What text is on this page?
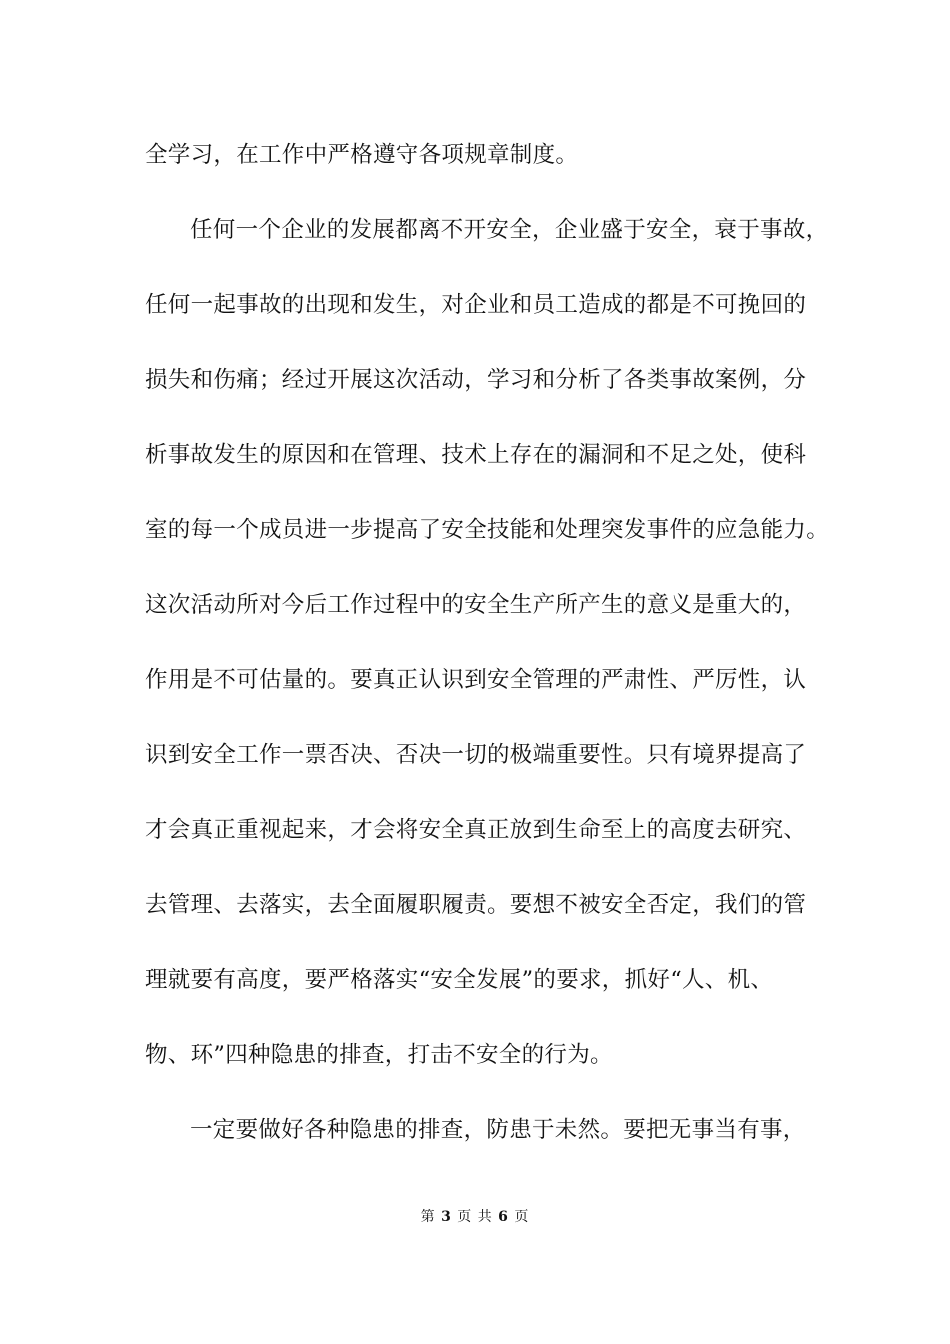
全学习，在工作中严格遵守各项规章制度。
任何一个企业的发展都离不开安全，企业盛于安全，衰于事故，
任何一起事故的出现和发生，对企业和员工造成的都是不可挽回的
损失和伤痛；经过开展这次活动，学习和分析了各类事故案例，分
析事故发生的原因和在管理、技术上存在的漏洞和不足之处，使科
室的每一个成员进一步提高了安全技能和处理突发事件的应急能力。
这次活动所对今后工作过程中的安全生产所产生的意义是重大的，
作用是不可估量的。要真正认识到安全管理的严肃性、严厉性，认
识到安全工作一票否决、否决一切的极端重要性。只有境界提高了
才会真正重视起来，才会将安全真正放到生命至上的高度去研究、
去管理、去落实，去全面履职履责。要想不被安全否定，我们的管
理就要有高度，要严格落实“安全发展”的要求，抓好“人、机、
物、环”四种隐患的排查，打击不安全的行为。
一定要做好各种隐患的排查，防患于未然。要把无事当有事，
第 3 页 共 6 页
